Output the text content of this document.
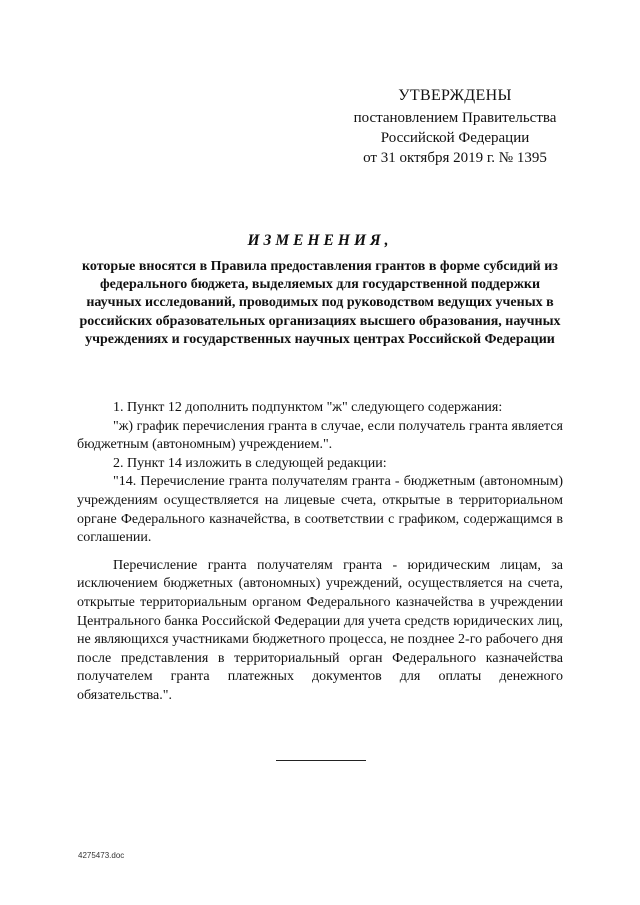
УТВЕРЖДЕНЫ
постановлением Правительства
Российской Федерации
от 31 октября 2019 г. № 1395
ИЗМЕНЕНИЯ,
которые вносятся в Правила предоставления грантов в форме субсидий из федерального бюджета, выделяемых для государственной поддержки научных исследований, проводимых под руководством ведущих ученых в российских образовательных организациях высшего образования, научных учреждениях и государственных научных центрах Российской Федерации

1. Пункт 12 дополнить подпунктом "ж" следующего содержания:

"ж) график перечисления гранта в случае, если получатель гранта является бюджетным (автономным) учреждением.".

2. Пункт 14 изложить в следующей редакции:

"14. Перечисление гранта получателям гранта - бюджетным (автономным) учреждениям осуществляется на лицевые счета, открытые в территориальном органе Федерального казначейства, в соответствии с графиком, содержащимся в соглашении.

Перечисление гранта получателям гранта - юридическим лицам, за исключением бюджетных (автономных) учреждений, осуществляется на счета, открытые территориальным органом Федерального казначейства в учреждении Центрального банка Российской Федерации для учета средств юридических лиц, не являющихся участниками бюджетного процесса, не позднее 2-го рабочего дня после представления в территориальный орган Федерального казначейства получателем гранта платежных документов для оплаты денежного обязательства.".

4275473.doc
